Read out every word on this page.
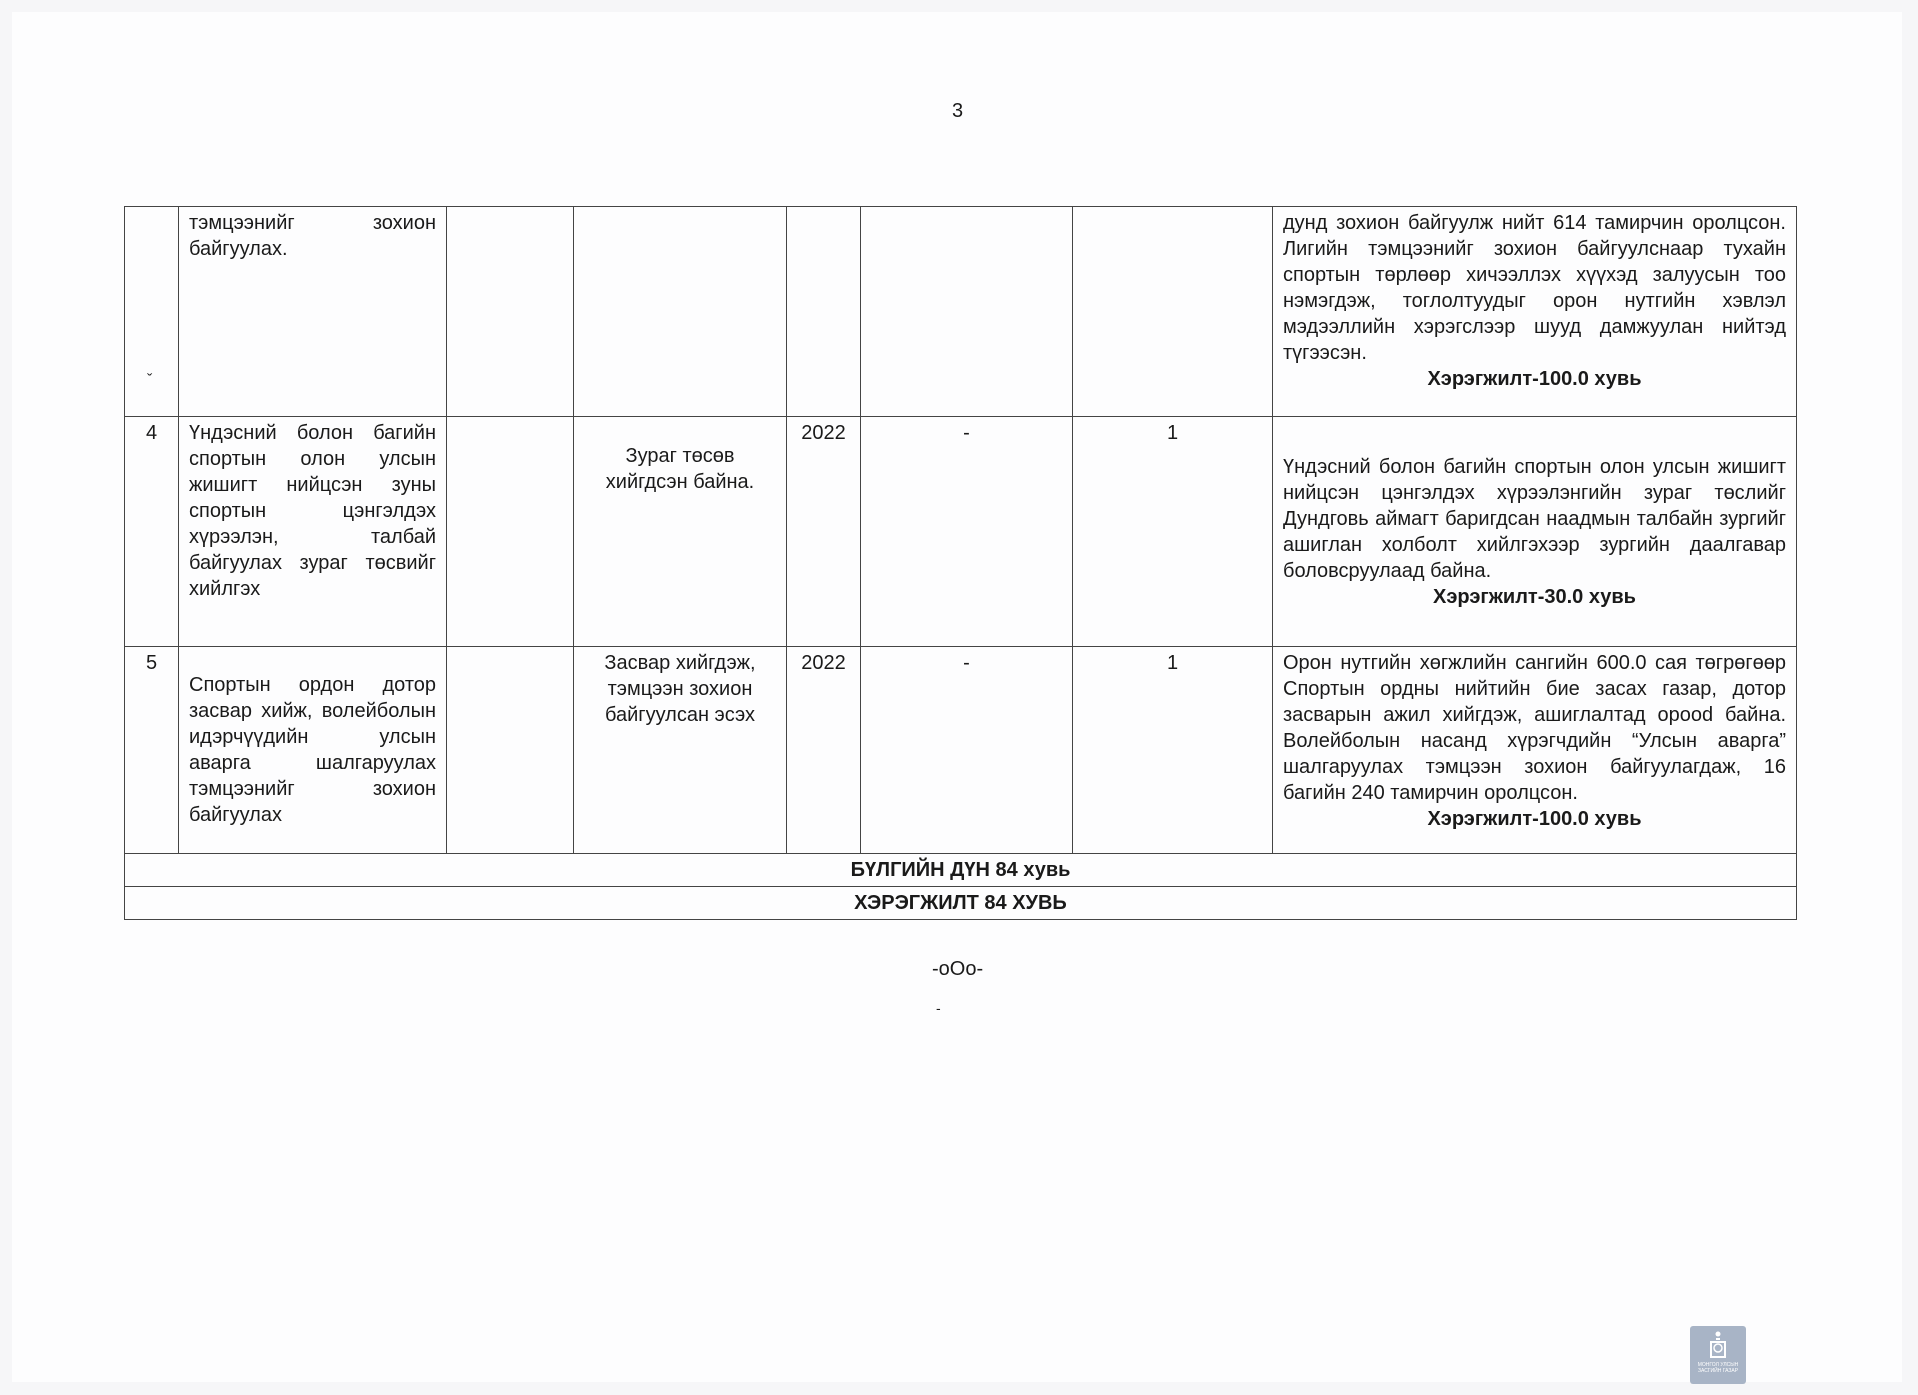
3
ˇ	тэмцээнийг зохион байгуулах.						дунд зохион байгуулж нийт 614 тамирчин оролцсон. Лигийн тэмцээнийг зохион байгуулснаар тухайн спортын төрлөөр хичээллэх хүүхэд залуусын тоо нэмэгдэж, тоглолтуудыг орон нутгийн хэвлэл мэдээллийн хэрэгслээр шууд дамжуулан нийтэд түгээсэн.
Хэрэгжилт-100.0 хувь

4	Үндэсний болон багийн спортын олон улсын жишигт нийцсэн зуны спортын цэнгэлдэх хүрээлэн, талбай байгуулах зураг төсвийг хийлгэх		Зураг төсөв хийгдсэн байна.	2022	-	1	Үндэсний болон багийн спортын олон улсын жишигт нийцсэн цэнгэлдэх хүрээлэнгийн зураг төслийг Дундговь аймагт баригдсан наадмын талбайн зургийг ашиглан холболт хийлгэхээр зургийн даалгавар боловсруулаад байна.
Хэрэгжилт-30.0 хувь

5	Спортын ордон дотор засвар хийж, волейболын идэрчүүдийн улсын аварга шалгаруулах тэмцээнийг зохион байгуулах		Засвар хийгдэж, тэмцээн зохион байгуулсан эсэх	2022	-	1	Орон нутгийн хөгжлийн сангийн 600.0 сая төгрөгөөр Спортын ордны нийтийн бие засах газар, дотор засварын ажил хийгдэж, ашиглалтад орood байна. Волейболын насанд хүрэгчдийн “Улсын аварга” шалгаруулах тэмцээн зохион байгуулагдаж, 16 багийн 240 тамирчин оролцсон.
Хэрэгжилт-100.0 хувь

БҮЛГИЙН ДҮН 84 хувь							
ХЭРЭГЖИЛТ 84 ХУВЬ							
-oOo-
-
МОНГОЛ УЛСЫН ЗАСГИЙН ГАЗАР
